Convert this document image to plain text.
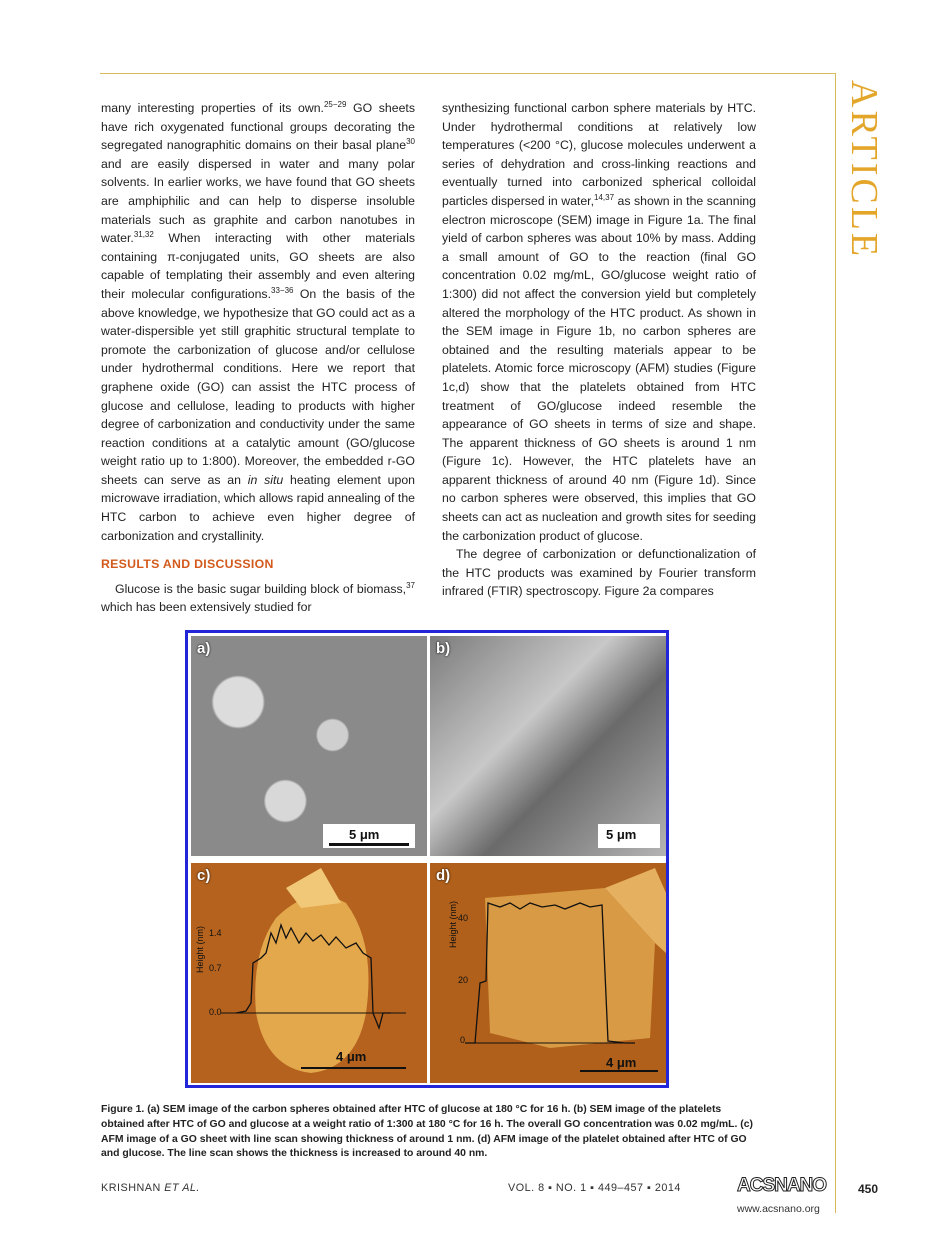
ARTICLE

many interesting properties of its own.$^{25-29}$ GO sheets have rich oxygenated functional groups decorating the segregated nanographitic domains on their basal plane$^{30}$ and are easily dispersed in water and many polar solvents. In earlier works, we have found that GO sheets are amphiphilic and can help to disperse insoluble materials such as graphite and carbon nanotubes in water.$^{31,32}$ When interacting with other materials containing π-conjugated units, GO sheets are also capable of templating their assembly and even altering their molecular configurations.$^{33-36}$ On the basis of the above knowledge, we hypothesize that GO could act as a water-dispersible yet still graphitic structural template to promote the carbonization of glucose and/or cellulose under hydrothermal conditions. Here we report that graphene oxide (GO) can assist the HTC process of glucose and cellulose, leading to products with higher degree of carbonization and conductivity under the same reaction conditions at a catalytic amount (GO/glucose weight ratio up to 1:800). Moreover, the embedded r-GO sheets can serve as an in situ heating element upon microwave irradiation, which allows rapid annealing of the HTC carbon to achieve even higher degree of carbonization and crystallinity.

RESULTS AND DISCUSSION

Glucose is the basic sugar building block of biomass,$^{37}$ which has been extensively studied for

synthesizing functional carbon sphere materials by HTC. Under hydrothermal conditions at relatively low temperatures (<200 °C), glucose molecules underwent a series of dehydration and cross-linking reactions and eventually turned into carbonized spherical colloidal particles dispersed in water,$^{14,37}$ as shown in the scanning electron microscope (SEM) image in Figure 1a. The final yield of carbon spheres was about 10% by mass. Adding a small amount of GO to the reaction (final GO concentration 0.02 mg/mL, GO/glucose weight ratio of 1:300) did not affect the conversion yield but completely altered the morphology of the HTC product. As shown in the SEM image in Figure 1b, no carbon spheres are obtained and the resulting materials appear to be platelets. Atomic force microscopy (AFM) studies (Figure 1c,d) show that the platelets obtained from HTC treatment of GO/glucose indeed resemble the appearance of GO sheets in terms of size and shape. The apparent thickness of GO sheets is around 1 nm (Figure 1c). However, the HTC platelets have an apparent thickness of around 40 nm (Figure 1d). Since no carbon spheres were observed, this implies that GO sheets can act as nucleation and growth sites for seeding the carbonization product of glucose.

The degree of carbonization or defunctionalization of the HTC products was examined by Fourier transform infrared (FTIR) spectroscopy. Figure 2a compares

a)
5 μm
b)
5 μm
c)
Height (nm) 1.4
0.7
0.0
4 μm
d)
Height (nm) 40
20
0
4 μm
Figure 1. (a) SEM image of the carbon spheres obtained after HTC of glucose at 180 °C for 16 h. (b) SEM image of the platelets obtained after HTC of GO and glucose at a weight ratio of 1:300 at 180 °C for 16 h. The overall GO concentration was 0.02 mg/mL. (c) AFM image of a GO sheet with line scan showing thickness of around 1 nm. (d) AFM image of the platelet obtained after HTC of GO and glucose. The line scan shows the thickness is increased to around 40 nm.
KRISHNAN ET AL.	VOL. 8 ▪ NO. 1 ▪ 449–457 ▪ 2014	ACSNANO
www.acsnano.org
450
